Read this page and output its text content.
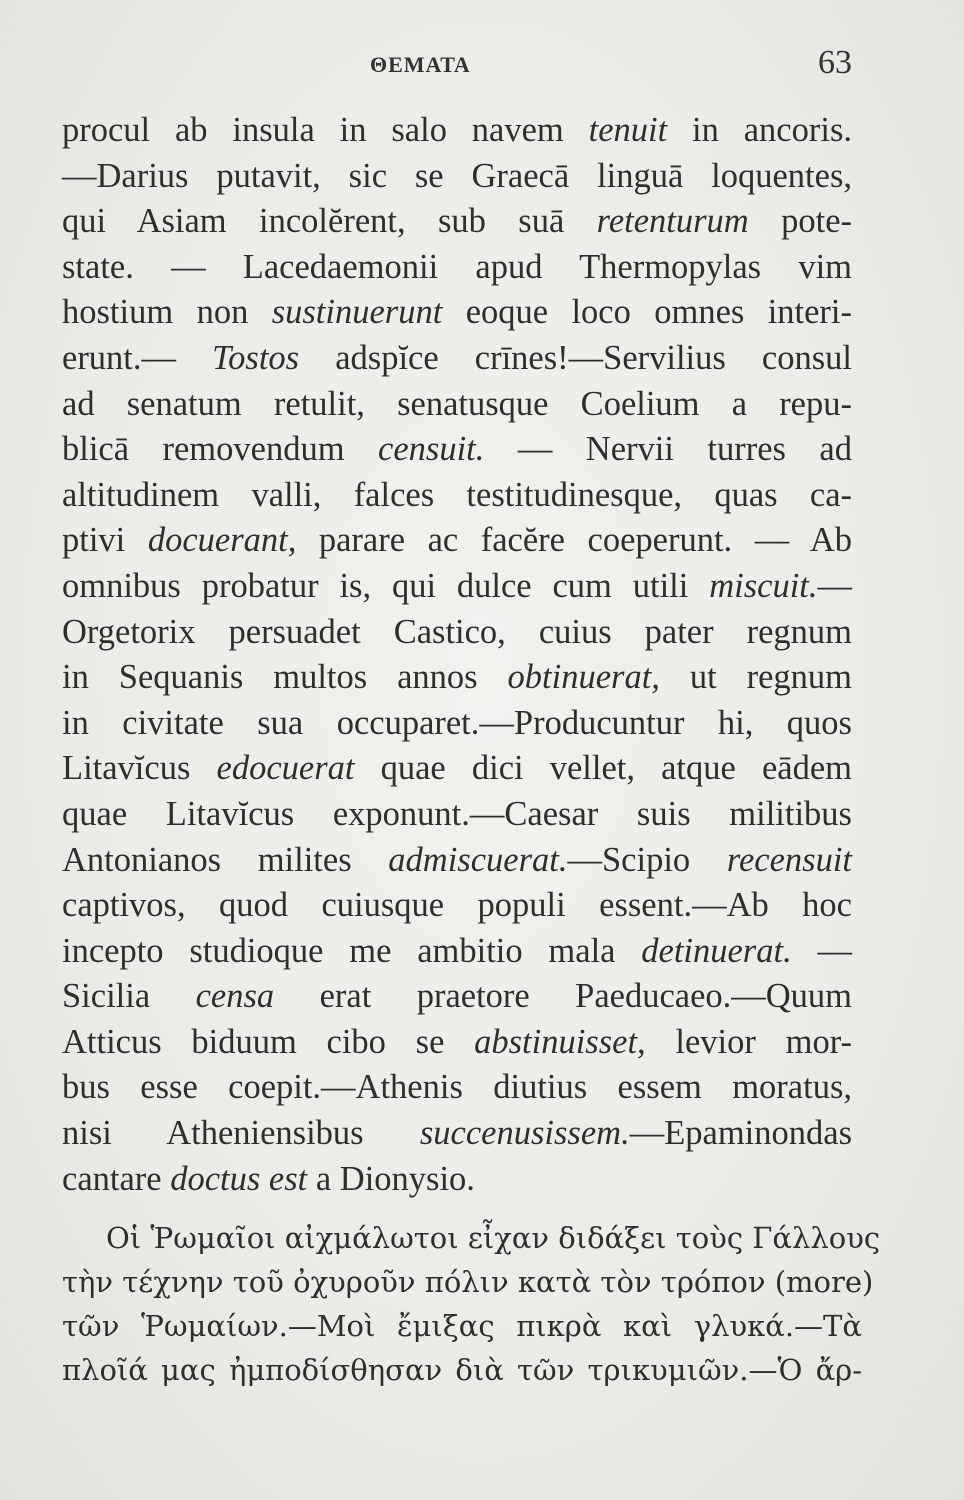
ΘΕΜΑΤΑ	63
procul ab insula in salo navem tenuit in ancoris.
—Darius putavit, sic se Graecā linguā loquentes,
qui Asiam incolĕrent, sub suā retenturum pote-
state. — Lacedaemonii apud Thermopylas vim
hostium non sustinuerunt eoque loco omnes interi-
erunt.— Tostos adspĭce crīnes!—Servilius consul
ad senatum retulit, senatusque Coelium a repu-
blicā removendum censuit. — Nervii turres ad
altitudinem valli, falces testitudinesque, quas ca-
ptivi docuerant, parare ac facĕre coeperunt. — Ab
omnibus probatur is, qui dulce cum utili miscuit.—
Orgetorix persuadet Castico, cuius pater regnum
in Sequanis multos annos obtinuerat, ut regnum
in civitate sua occuparet.—Producuntur hi, quos
Litavĭcus edocuerat quae dici vellet, atque eādem
quae Litavĭcus exponunt.—Caesar suis militibus
Antonianos milites admiscuerat.—Scipio recensuit
captivos, quod cuiusque populi essent.—Ab hoc
incepto studioque me ambitio mala detinuerat. —
Sicilia censa erat praetore Paeducaeo.—Quum
Atticus biduum cibo se abstinuisset, levior mor-
bus esse coepit.—Athenis diutius essem moratus,
nisi Atheniensibus succenusissem.—Epaminondas
cantare doctus est a Dionysio.
Οἱ Ῥωμαῖοι αἰχμάλωτοι εἶχαν διδάξει τοὺς Γάλλους
τὴν τέχνην τοῦ ὀχυροῦν πόλιν κατὰ τὸν τρόπον (more)
τῶν Ῥωμαίων.—Μοὶ ἔμιξας πικρὰ καὶ γλυκά.—Τὰ
πλοῖά μας ἠμποδίσθησαν διὰ τῶν τρικυμιῶν.—Ὁ ἄρ-
